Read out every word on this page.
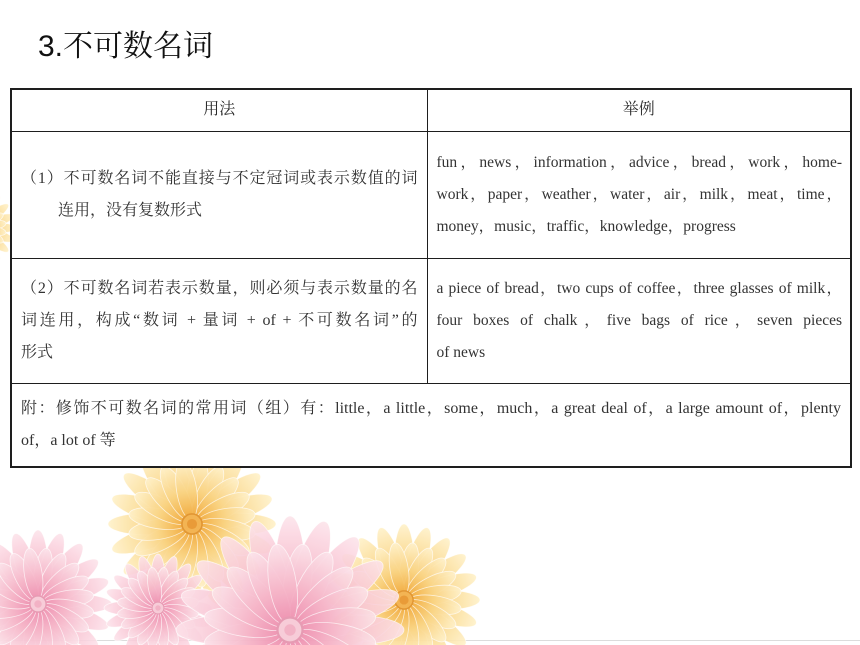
3.不可数名词
用法	举例

（1）不可数名词不能直接与不定冠词或表示数值的词
连用，没有复数形式	fun，news，information，advice，bread，work，home-
work，paper，weather，water，air，milk，meat，time，
money，music，traffic，knowledge，progress

（2）不可数名词若表示数量，则必须与表示数量的名
词连用，构成“数词 + 量词 + of + 不可数名词”的
形式	a piece of bread，two cups of coffee，three glasses of milk，
four boxes of chalk，five bags of rice，seven pieces
of news

附：修饰不可数名词的常用词（组）有：little，a little，some，much，a great deal of，a large amount of，plenty
of，a lot of 等	
